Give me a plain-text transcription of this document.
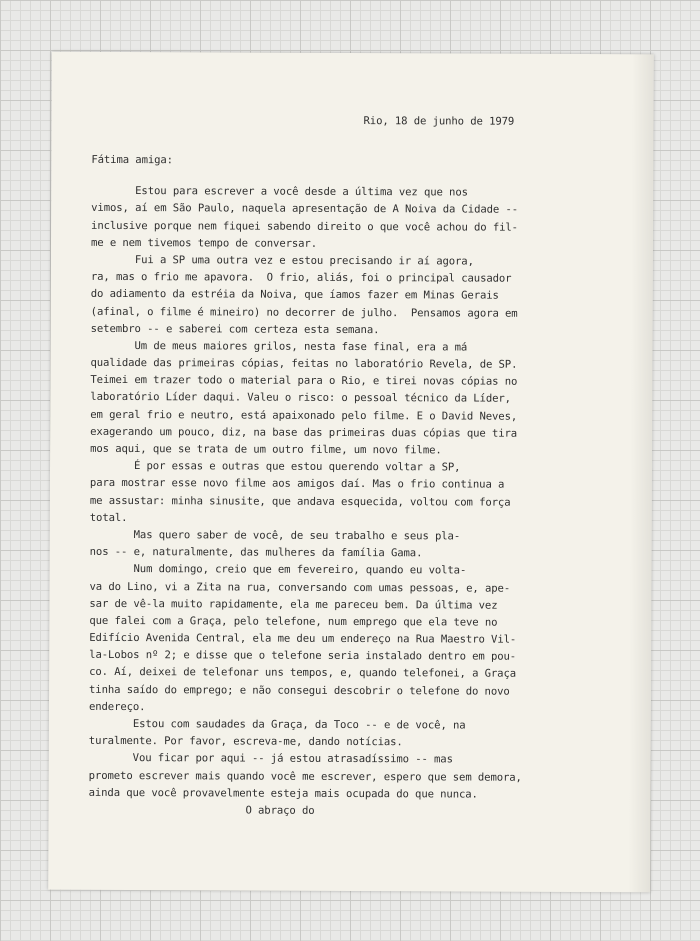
Rio, 18 de junho de 1979
Fátima amiga:
Estou para escrever a você desde a última vez que nos
vimos, aí em São Paulo, naquela apresentação de A Noiva da Cidade --
inclusive porque nem fiquei sabendo direito o que você achou do fil-
me e nem tivemos tempo de conversar.
Fui a SP uma outra vez e estou precisando ir aí agora,
ra, mas o frio me apavora.  O frio, aliás, foi o principal causador
do adiamento da estréia da Noiva, que íamos fazer em Minas Gerais
(afinal, o filme é mineiro) no decorrer de julho.  Pensamos agora em
setembro -- e saberei com certeza esta semana.
Um de meus maiores grilos, nesta fase final, era a má
qualidade das primeiras cópias, feitas no laboratório Revela, de SP.
Teimei em trazer todo o material para o Rio, e tirei novas cópias no
laboratório Líder daqui. Valeu o risco: o pessoal técnico da Líder,
em geral frio e neutro, está apaixonado pelo filme. E o David Neves,
exagerando um pouco, diz, na base das primeiras duas cópias que tira
mos aqui, que se trata de um outro filme, um novo filme.
É por essas e outras que estou querendo voltar a SP,
para mostrar esse novo filme aos amigos daí. Mas o frio continua a
me assustar: minha sinusite, que andava esquecida, voltou com força
total.
Mas quero saber de você, de seu trabalho e seus pla-
nos -- e, naturalmente, das mulheres da família Gama.
Num domingo, creio que em fevereiro, quando eu volta-
va do Lino, vi a Zita na rua, conversando com umas pessoas, e, ape-
sar de vê-la muito rapidamente, ela me pareceu bem. Da última vez
que falei com a Graça, pelo telefone, num emprego que ela teve no
Edifício Avenida Central, ela me deu um endereço na Rua Maestro Vil-
la-Lobos nº 2; e disse que o telefone seria instalado dentro em pou-
co. Aí, deixei de telefonar uns tempos, e, quando telefonei, a Graça
tinha saído do emprego; e não consegui descobrir o telefone do novo
endereço.
Estou com saudades da Graça, da Toco -- e de você, na
turalmente. Por favor, escreva-me, dando notícias.
Vou ficar por aqui -- já estou atrasadíssimo -- mas
prometo escrever mais quando você me escrever, espero que sem demora,
ainda que você provavelmente esteja mais ocupada do que nunca.
O abraço do
